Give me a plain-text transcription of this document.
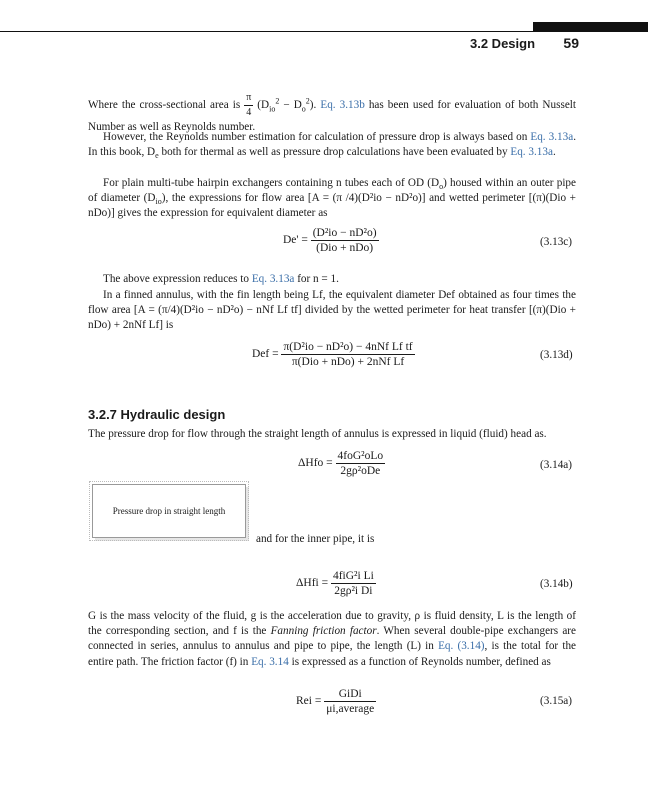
3.2 Design 59
Where the cross-sectional area is $\frac{\pi}{4} (D_{io}^2 - D_o^2)$. Eq. 3.13b has been used for evaluation of both Nusselt Number as well as Reynolds number.
However, the Reynolds number estimation for calculation of pressure drop is always based on Eq. 3.13a. In this book, $D_e$ both for thermal as well as pressure drop calculations have been evaluated by Eq. 3.13a.
For plain multi-tube hairpin exchangers containing n tubes each of OD $(D_o)$ housed within an outer pipe of diameter $(D_{io})$, the expressions for flow area [A = (π /4)(D²io − nD²o)] and wetted perimeter [(π)(Dio + nDo)] gives the expression for equivalent diameter as
$De' = \frac{\text{(D²io − nD²o)}}{\text{(Dio + nDo)}}$	(3.13c)
The above expression reduces to Eq. 3.13a for n = 1.
In a finned annulus, with the fin length being Lf, the equivalent diameter Def obtained as four times the flow area [A = (π/4)(D²io − nD²o) − nNf Lf tf] divided by the wetted perimeter for heat transfer [(π)(Dio + nDo) + 2nNf Lf] is
Def = $\frac{\text{π(D²io − nD²o) − 4nNf Lf tf}}{\text{π(Dio + nDo) + 2nNf Lf}}$	(3.13d)
3.2.7 Hydraulic design
The pressure drop for flow through the straight length of annulus is expressed in liquid (fluid) head as.
$\Delta Hfo = \frac{\text{4foG²oLo}}{\text{2gρ²oDe}}$	(3.14a)
Pressure drop in straight length
and for the inner pipe, it is
$\Delta Hfi = \frac{\text{4fiG²i Li}}{\text{2gρ²i Di}}$	(3.14b)
G is the mass velocity of the fluid, g is the acceleration due to gravity, ρ is fluid density, L is the length of the corresponding section, and f is the Fanning friction factor. When several double-pipe exchangers are connected in series, annulus to annulus and pipe to pipe, the length (L) in Eq. (3.14), is the total for the entire path. The friction factor (f) in Eq. 3.14 is expressed as a function of Reynolds number, defined as
Rei = $\frac{\text{GiDi}}{\text{μi,average}}$	(3.15a)
